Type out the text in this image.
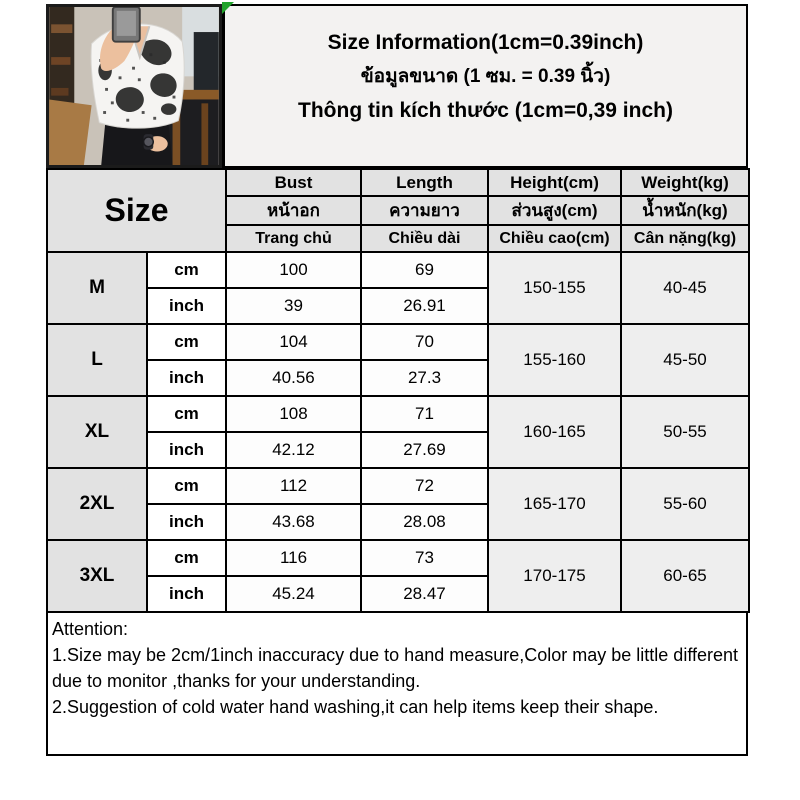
Size Information(1cm=0.39inch)
ข้อมูลขนาด (1 ซม. = 0.39 นิ้ว)
Thông tin kích thước (1cm=0,39 inch)
Size		Bust	Length	Height(cm)	Weight(kg)
		หน้าอก	ความยาว	ส่วนสูง(cm)	น้ำหนัก(kg)
		Trang chủ	Chiều dài	Chiều cao(cm)	Cân nặng(kg)
M	cm	100	69	150-155	40-45
	inch	39	26.91		
L	cm	104	70	155-160	45-50
	inch	40.56	27.3		
XL	cm	108	71	160-165	50-55
	inch	42.12	27.69		
2XL	cm	112	72	165-170	55-60
	inch	43.68	28.08		
3XL	cm	116	73	170-175	60-65
	inch	45.24	28.47		

Attention:

1.Size may be 2cm/1inch inaccuracy due to hand measure,Color may be little different due to monitor ,thanks for your understanding.

2.Suggestion of cold water hand washing,it can help items keep their shape.
